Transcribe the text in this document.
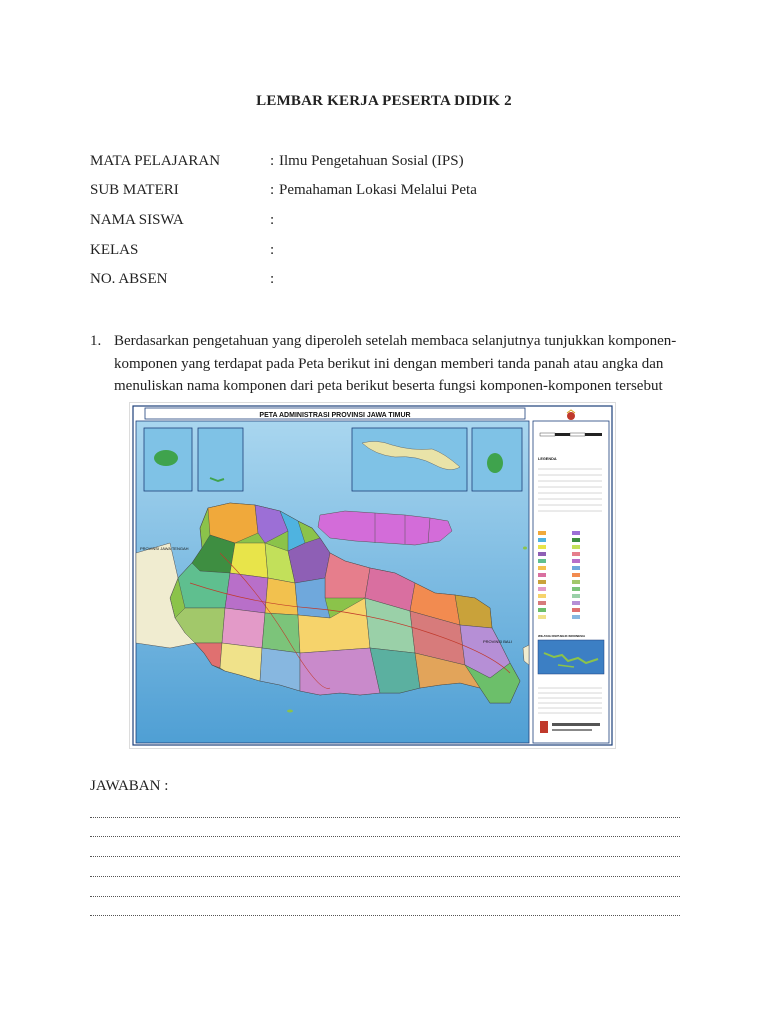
LEMBAR KERJA PESERTA DIDIK 2
MATA PELAJARAN	: Ilmu Pengetahuan Sosial (IPS)
SUB MATERI	: Pemahaman Lokasi Melalui Peta
NAMA SISWA	:
KELAS	:
NO. ABSEN	:
1. Berdasarkan pengetahuan yang diperoleh setelah membaca selanjutnya tunjukkan komponen-
komponen yang terdapat pada Peta berikut ini dengan memberi tanda panah atau angka dan
menuliskan nama komponen dari peta berikut beserta fungsi komponen-komponen tersebut
PETA ADMINISTRASI PROVINSI JAWA TIMUR
PROVINSI JAWA TENGAH
PROVINSI BALI
LEGENDA
WILAYAH REPUBLIK INDONESIA
JAWABAN :
